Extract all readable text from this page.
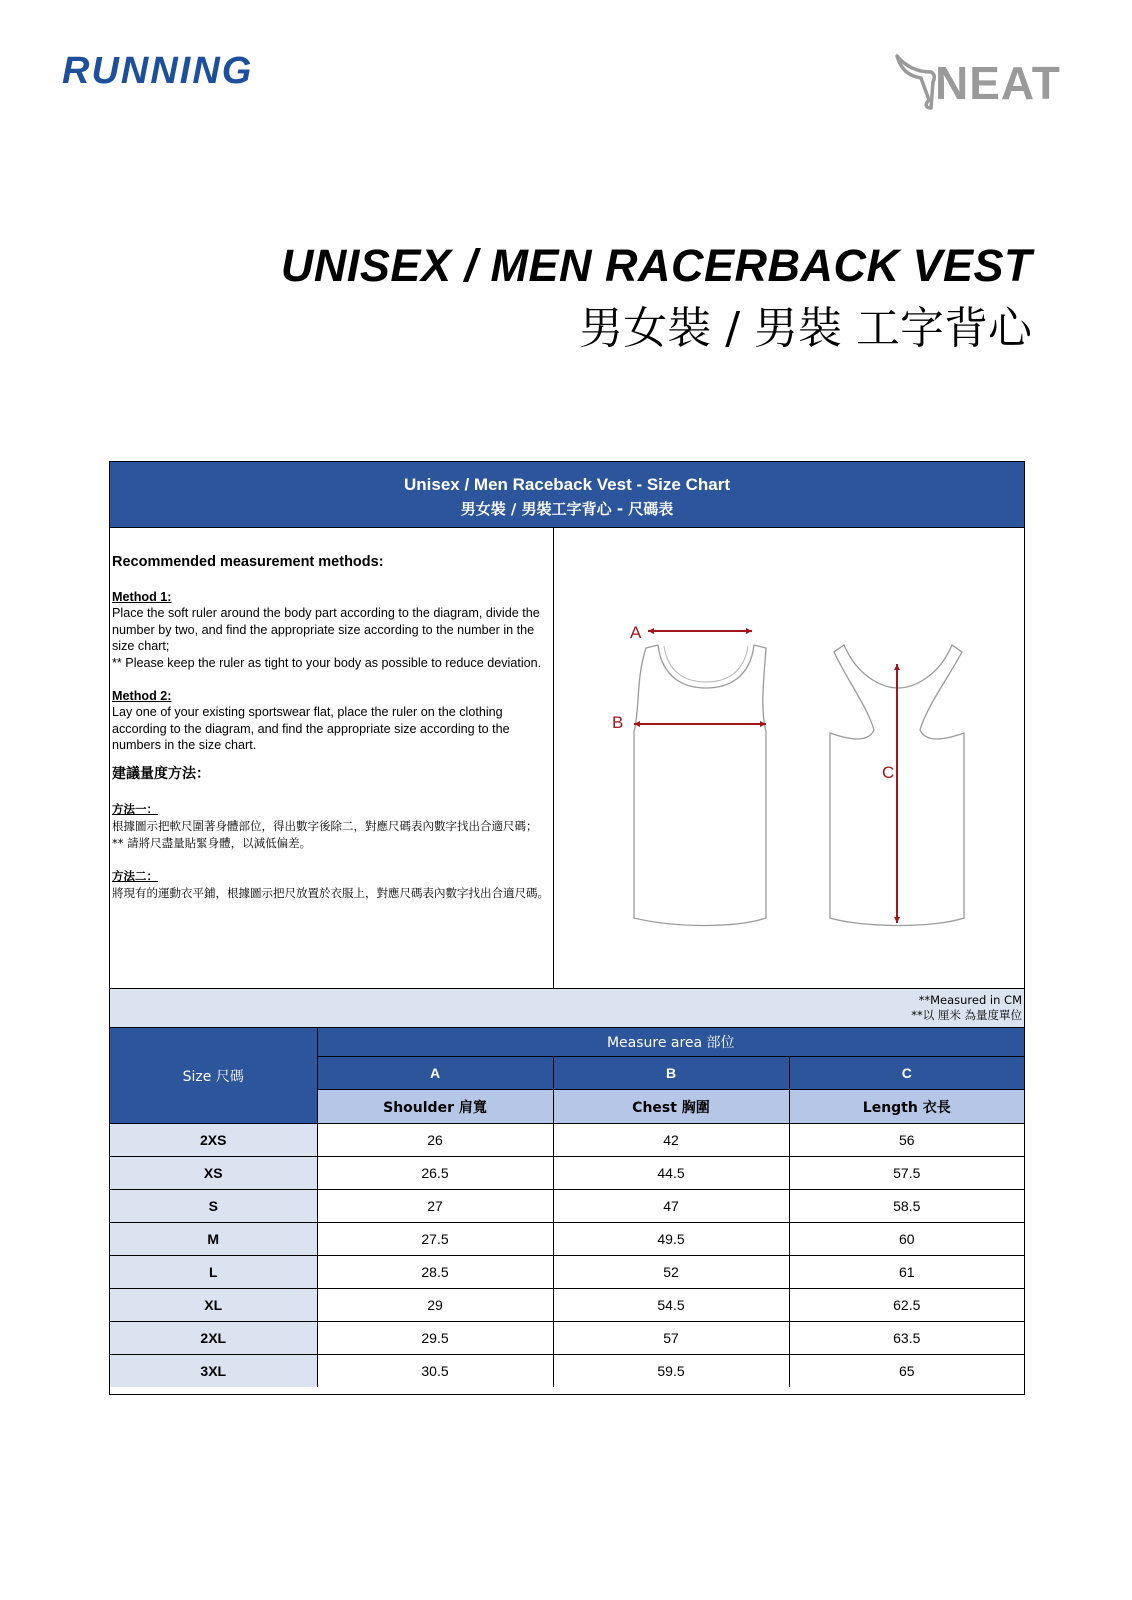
RUNNING	NEAT
UNISEX / MEN RACERBACK VEST
男女裝 / 男裝 工字背心
Unisex / Men Raceback Vest - Size Chart
男女裝 / 男裝工字背心 - 尺碼表
Recommended measurement methods:
Method 1:
Place the soft ruler around the body part according to the diagram, divide the number by two, and find the appropriate size according to the number in the size chart;
** Please keep the ruler as tight to your body as possible to reduce deviation.
Method 2:
Lay one of your existing sportswear flat, place the ruler on the clothing according to the diagram, and find the appropriate size according to the numbers in the size chart.
建議量度方法：
方法一：
根據圖示把軟尺圍著身體部位，得出數字後除二，對應尺碼表內數字找出合適尺碼；
** 請將尺盡量貼緊身體，以減低偏差。
方法二：
將現有的運動衣平鋪，根據圖示把尺放置於衣服上，對應尺碼表內數字找出合適尺碼。
A
B
C
**Measured in CM
**以 厘米 為量度單位
Size 尺碼	Measure area 部位		
	A	B	C
	Shoulder 肩寬	Chest 胸圍	Length 衣長
2XS	26	42	56
XS	26.5	44.5	57.5
S	27	47	58.5
M	27.5	49.5	60
L	28.5	52	61
XL	29	54.5	62.5
2XL	29.5	57	63.5
3XL	30.5	59.5	65
